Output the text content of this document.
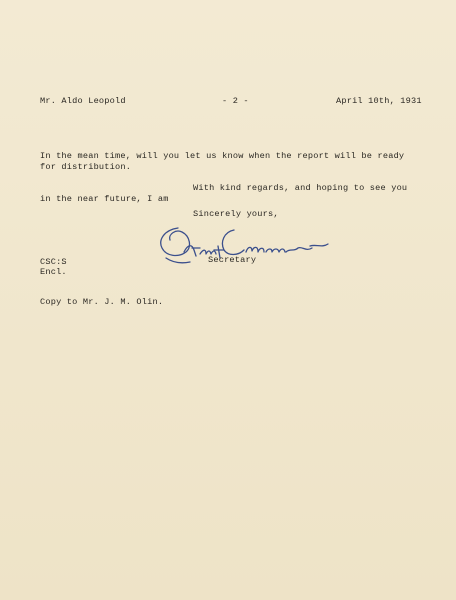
Mr. Aldo Leopold	- 2 -	April 10th, 1931
In the mean time, will you let us know when the report will be ready
for distribution.
With kind regards, and hoping to see you
in the near future, I am
Sincerely yours,
Secretary
CSC:S
Encl.
Copy to Mr. J. M. Olin.
